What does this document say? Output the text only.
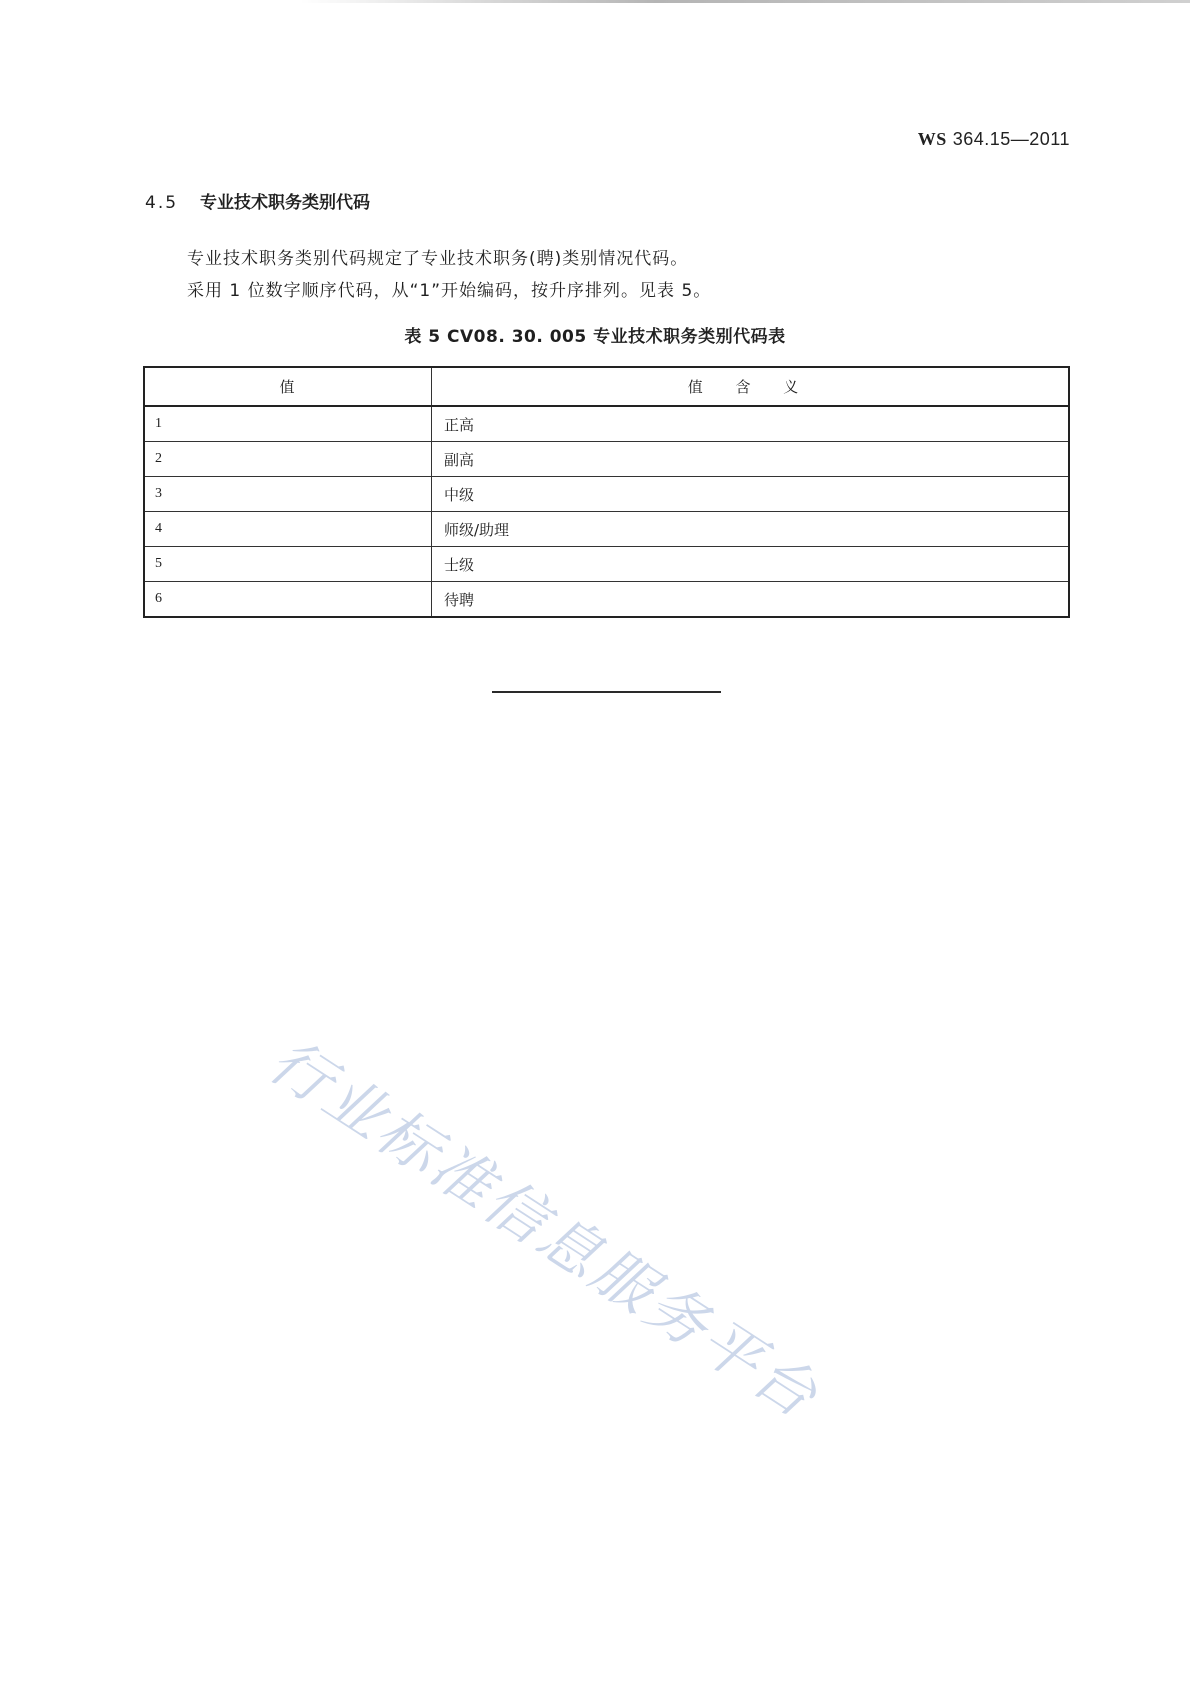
WS 364.15—2011
4.5 专业技术职务类别代码
专业技术职务类别代码规定了专业技术职务(聘)类别情况代码。
采用 1 位数字顺序代码，从“1”开始编码，按升序排列。见表 5。
表 5 CV08. 30. 005 专业技术职务类别代码表
值	值 含 义
1	正高
2	副高
3	中级
4	师级/助理
5	士级
6	待聘
行业标准信息服务平台
